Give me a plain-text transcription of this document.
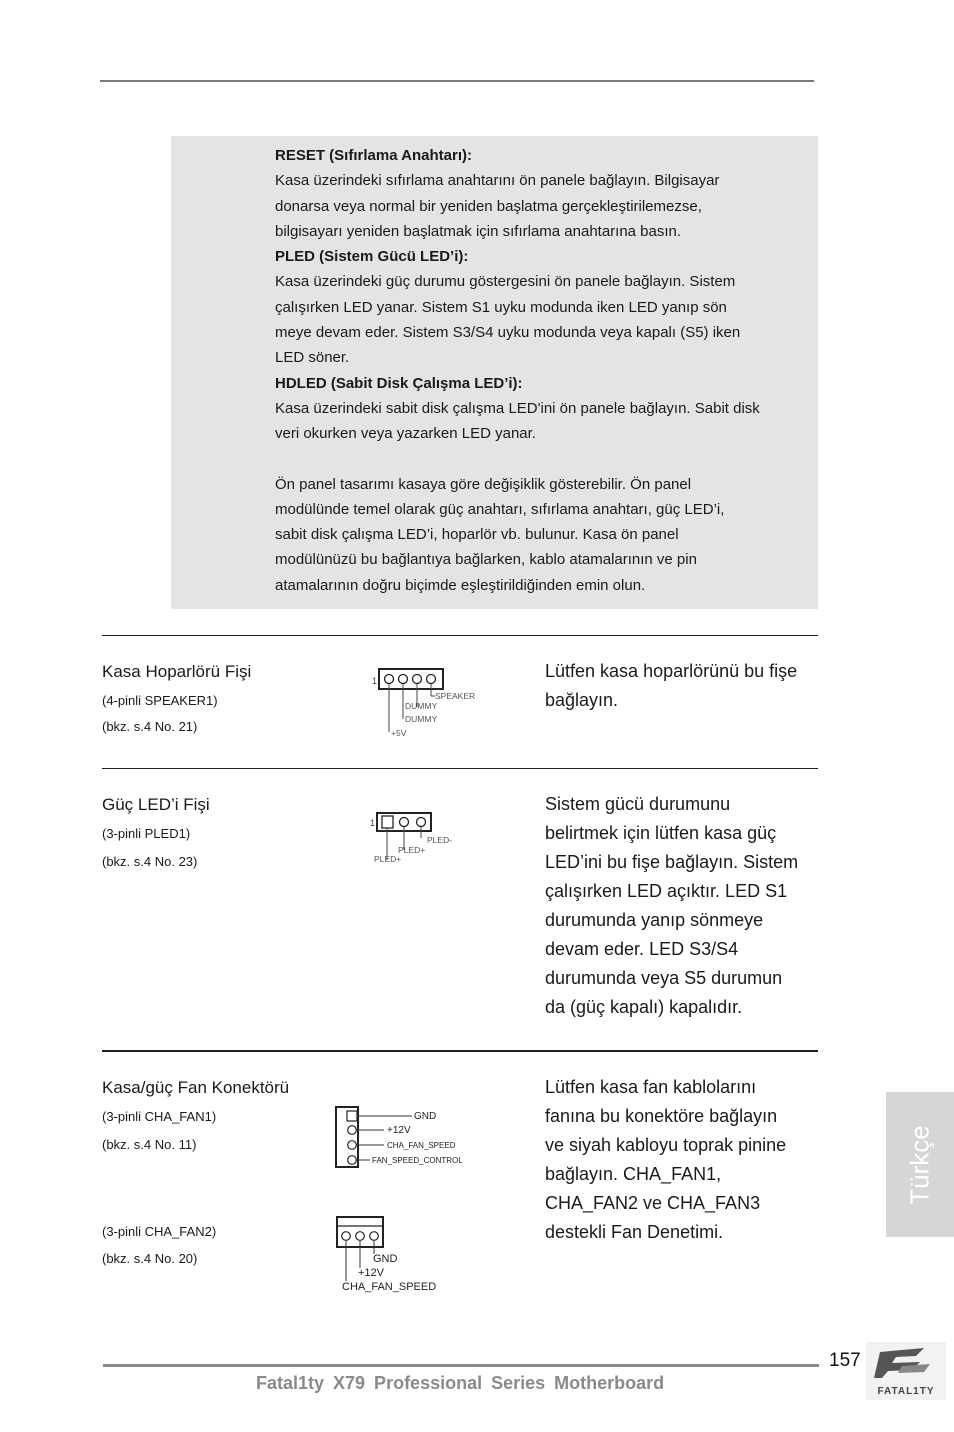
RESET (Sıfırlama Anahtarı):

Kasa üzerindeki sıfırlama anahtarını ön panele bağlayın. Bilgisayar

donarsa veya normal bir yeniden başlatma gerçekleştirilemezse,

bilgisayarı yeniden başlatmak için sıfırlama anahtarına basın.

PLED (Sistem Gücü LED’i):

Kasa üzerindeki güç durumu göstergesini ön panele bağlayın. Sistem

çalışırken LED yanar. Sistem S1 uyku modunda iken LED yanıp sön

meye devam eder. Sistem S3/S4 uyku modunda veya kapalı (S5) iken

LED söner.

HDLED (Sabit Disk Çalışma LED’i):

Kasa üzerindeki sabit disk çalışma LED'ini ön panele bağlayın. Sabit disk

veri okurken veya yazarken LED yanar.

Ön panel tasarımı kasaya göre değişiklik gösterebilir. Ön panel

modülünde temel olarak güç anahtarı, sıfırlama anahtarı, güç LED’i,

sabit disk çalışma LED’i, hoparlör vb. bulunur. Kasa ön panel

modülünüzü bu bağlantıya bağlarken, kablo atamalarının ve pin

atamalarının doğru biçimde eşleştirildiğinden emin olun.

Kasa Hoparlörü Fişi
(4-pinli SPEAKER1)
(bkz. s.4 No. 21)
1
SPEAKER
DUMMY
DUMMY
+5V
Lütfen kasa hoparlörünü bu fişe
bağlayın.
Güç LED’i Fişi
(3-pinli PLED1)
(bkz. s.4 No. 23)
1
PLED-
PLED+
PLED+
Sistem gücü durumunu
belirtmek için lütfen kasa güç
LED’ini bu fişe bağlayın. Sistem
çalışırken LED açıktır. LED S1
durumunda yanıp sönmeye
devam eder. LED S3/S4
durumunda veya S5 durumun
da (güç kapalı) kapalıdır.
Kasa/güç Fan Konektörü
(3-pinli CHA_FAN1)
(bkz. s.4 No. 11)
(3-pinli CHA_FAN2)
(bkz. s.4 No. 20)
GND
+12V
CHA_FAN_SPEED
FAN_SPEED_CONTROL
GND
+12V
CHA_FAN_SPEED
Lütfen kasa fan kablolarını
fanına bu konektöre bağlayın
ve siyah kabloyu toprak pinine
bağlayın. CHA_FAN1,
CHA_FAN2 ve CHA_FAN3
destekli Fan Denetimi.
Türkçe
157
Fatal1ty X79 Professional Series Motherboard	FATAL1TY
